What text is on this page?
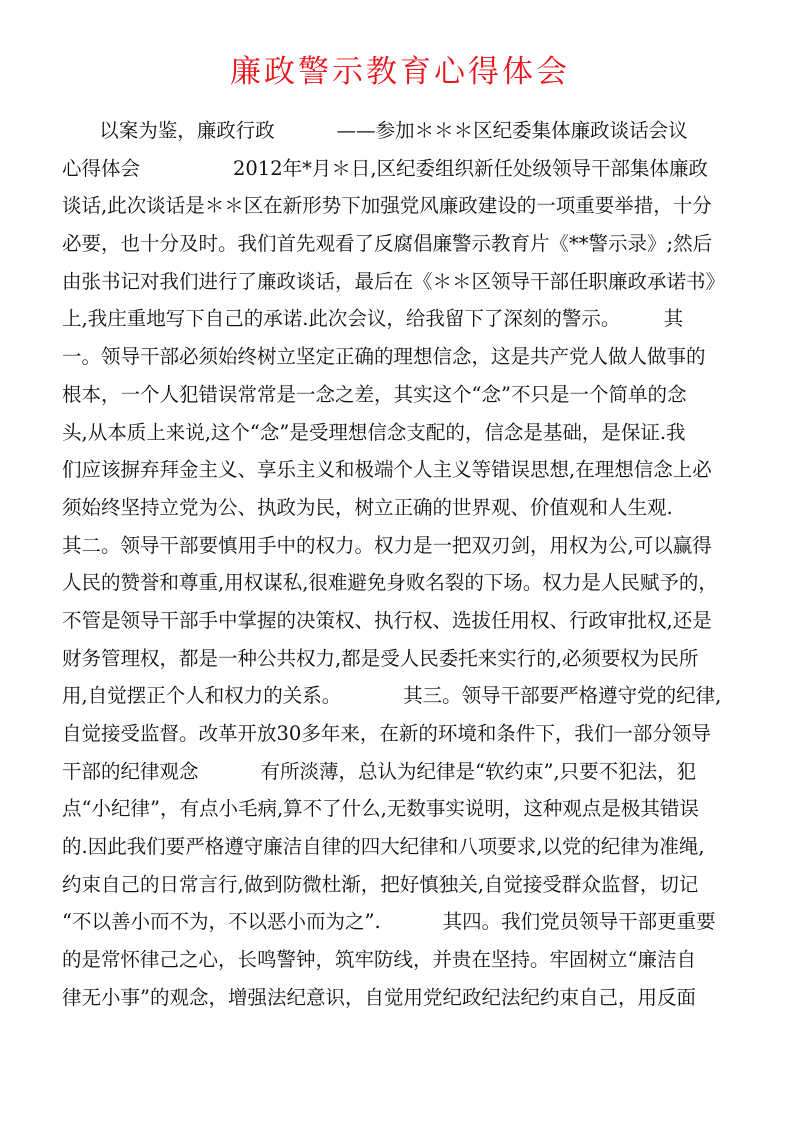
廉政警示教育心得体会
以案为鉴，廉政行政          ——参加＊＊＊区纪委集体廉政谈话会议
心得体会               2012年*月＊日,区纪委组织新任处级领导干部集体廉政
谈话,此次谈话是＊＊区在新形势下加强党风廉政建设的一项重要举措，十分
必要，也十分及时。我们首先观看了反腐倡廉警示教育片《**警示录》;然后
由张书记对我们进行了廉政谈话，最后在《＊＊区领导干部任职廉政承诺书》
上,我庄重地写下自己的承诺.此次会议，给我留下了深刻的警示。       其
一。领导干部必须始终树立坚定正确的理想信念，这是共产党人做人做事的
根本，一个人犯错误常常是一念之差，其实这个“念”不只是一个简单的念
头,从本质上来说,这个“念”是受理想信念支配的，信念是基础，是保证.我
们应该摒弃拜金主义、享乐主义和极端个人主义等错误思想,在理想信念上必
须始终坚持立党为公、执政为民，树立正确的世界观、价值观和人生观.
其二。领导干部要慎用手中的权力。权力是一把双刃剑，用权为公,可以赢得
人民的赞誉和尊重,用权谋私,很难避免身败名裂的下场。权力是人民赋予的，
不管是领导干部手中掌握的决策权、执行权、选拔任用权、行政审批权,还是
财务管理权，都是一种公共权力,都是受人民委托来实行的,必须要权为民所
用,自觉摆正个人和权力的关系。          其三。领导干部要严格遵守党的纪律,
自觉接受监督。改革开放30多年来，在新的环境和条件下，我们一部分领导
干部的纪律观念          有所淡薄，总认为纪律是“软约束”,只要不犯法，犯
点“小纪律”，有点小毛病,算不了什么,无数事实说明，这种观点是极其错误
的.因此我们要严格遵守廉洁自律的四大纪律和八项要求,以党的纪律为准绳,
约束自己的日常言行,做到防微杜渐，把好慎独关,自觉接受群众监督，切记
“不以善小而不为，不以恶小而为之”.          其四。我们党员领导干部更重要
的是常怀律己之心，长鸣警钟，筑牢防线，并贵在坚持。牢固树立“廉洁自
律无小事”的观念，增强法纪意识，自觉用党纪政纪法纪约束自己，用反面
